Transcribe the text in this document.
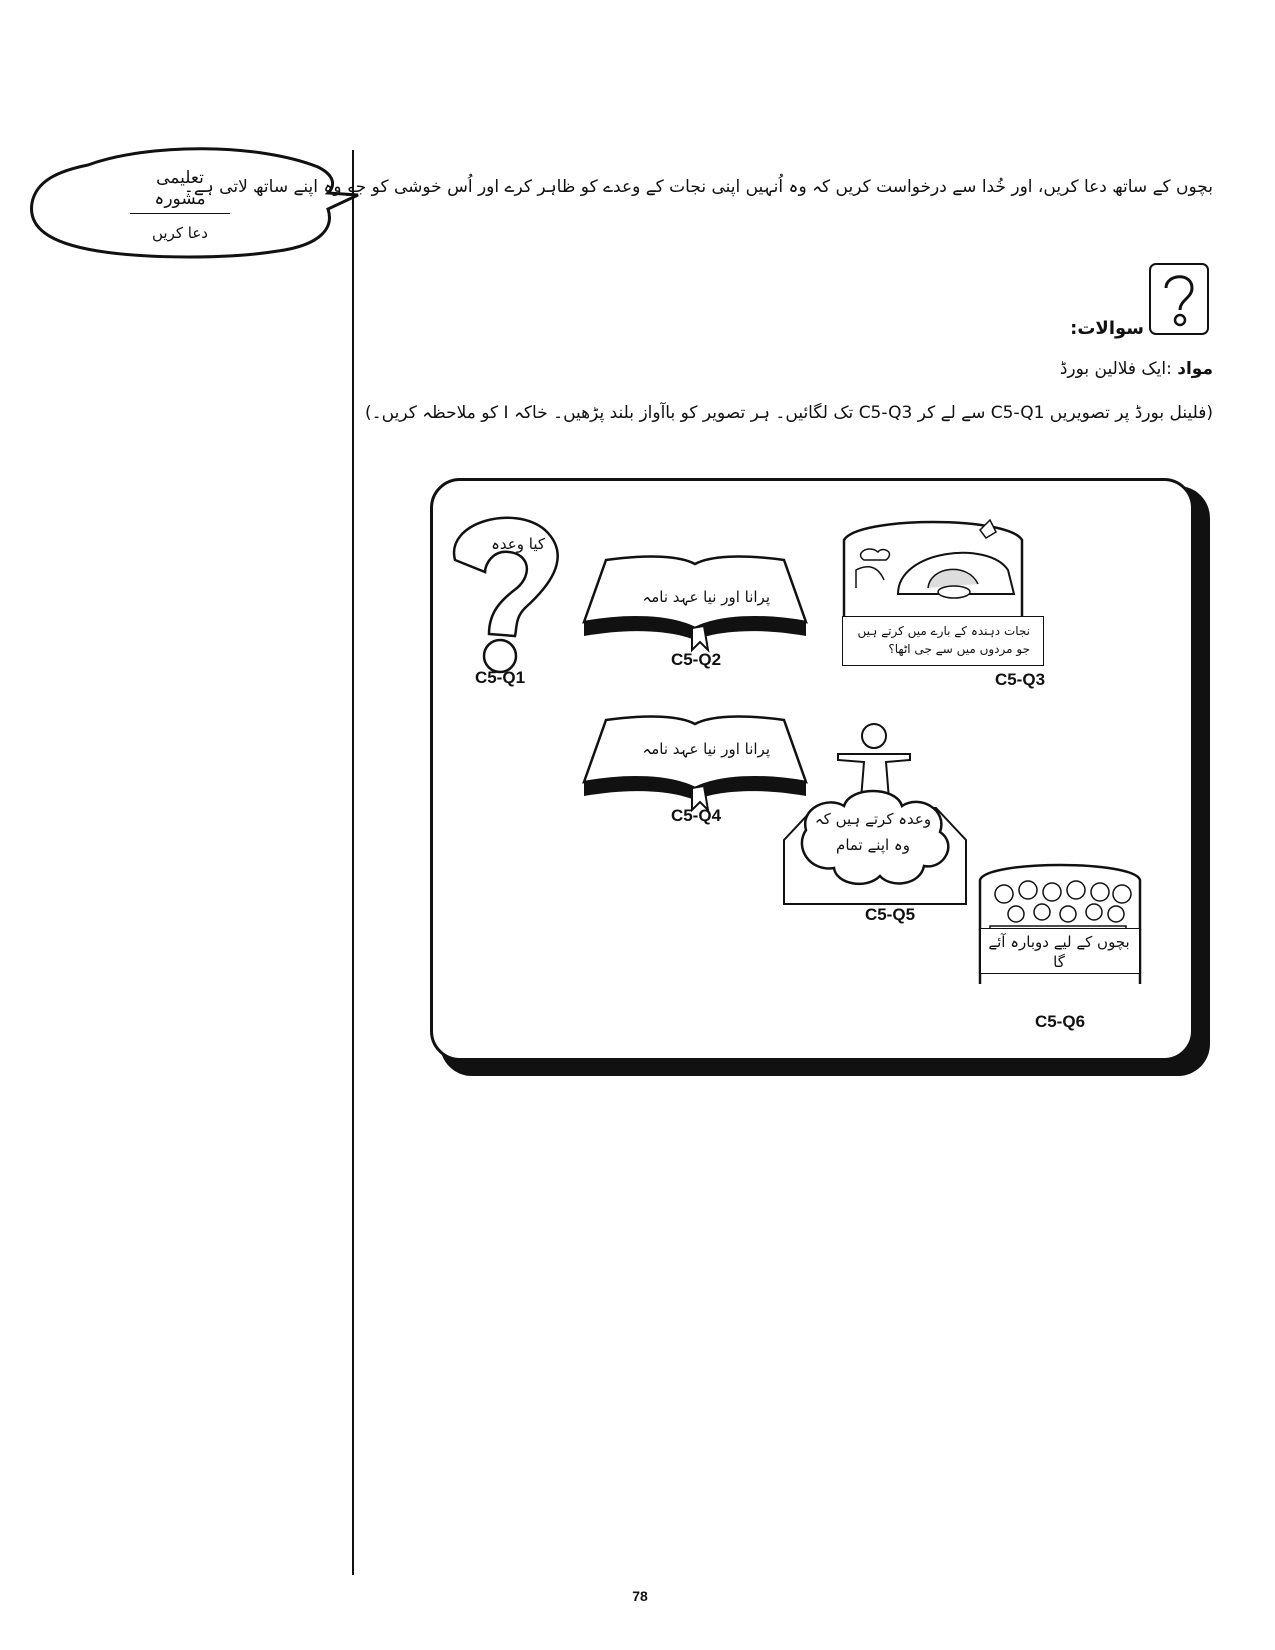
تعلیمی مشورہ
دعا کریں
بچوں کے ساتھ دعا کریں، اور خُدا سے درخواست کریں کہ وہ اُنہیں اپنی نجات کے وعدے کو ظاہر کرے اور اُس خوشی کو جو وہ اپنے ساتھ لاتی ہے۔
سوالات:
مواد :ایک فلالین بورڈ
(فلینل بورڈ پر تصویریں C5-Q1 سے لے کر C5-Q3 تک لگائیں۔ ہر تصویر کو باآواز بلند پڑھیں۔ خاکہ I کو ملاحظہ کریں۔)
کیا وعدہ
C5-Q1
پرانا اور نیا عہد نامہ
C5-Q2
نجات دہندہ کے بارے میں کرتے ہیں جو مردوں میں سے جی اٹھا؟
C5-Q3
پرانا اور نیا عہد نامہ
C5-Q4	وعدہ کرتے ہیں کہ وہ اپنے تمام
C5-Q5
بچوں کے لیے دوبارہ آئے گا
C5-Q6
78
